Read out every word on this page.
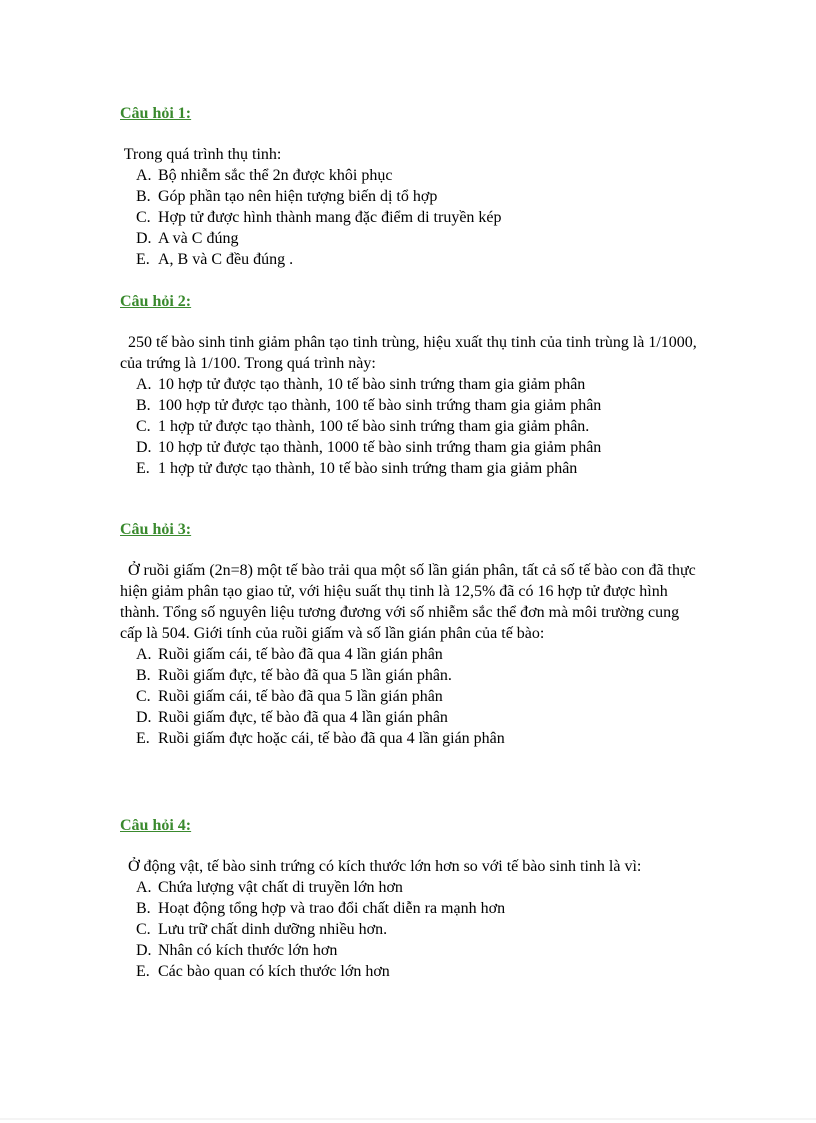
Câu hỏi 1:

Trong quá trình thụ tinh:

A. Bộ nhiễm sắc thể 2n được khôi phục
B. Góp phần tạo nên hiện tượng biến dị tổ hợp
C. Hợp tử được hình thành mang đặc điểm di truyền kép
D. A và C đúng
E. A, B và C đều đúng .

Câu hỏi 2:

250 tế bào sinh tinh giảm phân tạo tinh trùng, hiệu xuất thụ tinh của tinh trùng là 1/1000, của trứng là 1/100. Trong quá trình này:

A. 10 hợp tử được tạo thành, 10 tế bào sinh trứng tham gia giảm phân
B. 100 hợp tử được tạo thành, 100 tế bào sinh trứng tham gia giảm phân
C. 1 hợp tử được tạo thành, 100 tế bào sinh trứng tham gia giảm phân.
D. 10 hợp tử được tạo thành, 1000 tế bào sinh trứng tham gia giảm phân
E. 1 hợp tử được tạo thành, 10 tế bào sinh trứng tham gia giảm phân

Câu hỏi 3:

Ở ruồi giấm (2n=8) một tế bào trải qua một số lần gián phân, tất cả số tế bào con đã thực hiện giảm phân tạo giao tử, với hiệu suất thụ tinh là 12,5% đã có 16 hợp tử được hình thành. Tổng số nguyên liệu tương đương với số nhiễm sắc thể đơn mà môi trường cung cấp là 504. Giới tính của ruồi giấm và số lần gián phân của tế bào:

A. Ruồi giấm cái, tế bào đã qua 4 lần gián phân
B. Ruồi giấm đực, tế bào đã qua 5 lần gián phân.
C. Ruồi giấm cái, tế bào đã qua 5 lần gián phân
D. Ruồi giấm đực, tế bào đã qua 4 lần gián phân
E. Ruồi giấm đực hoặc cái, tế bào đã qua 4 lần gián phân

Câu hỏi 4:

Ở động vật, tế bào sinh trứng có kích thước lớn hơn so với tế bào sinh tinh là vì:

A. Chứa lượng vật chất di truyền lớn hơn
B. Hoạt động tổng hợp và trao đổi chất diễn ra mạnh hơn
C. Lưu trữ chất dinh dưỡng nhiều hơn.
D. Nhân có kích thước lớn hơn
E. Các bào quan có kích thước lớn hơn
